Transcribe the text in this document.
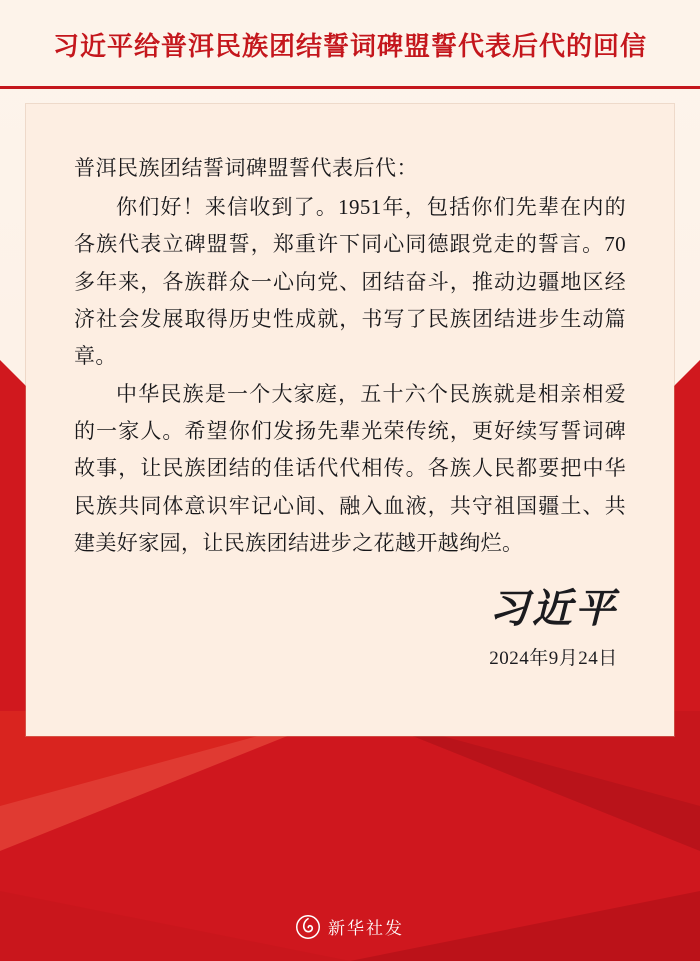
习近平给普洱民族团结誓词碑盟誓代表后代的回信

普洱民族团结誓词碑盟誓代表后代：

你们好！来信收到了。1951年，包括你们先辈在内的各族代表立碑盟誓，郑重许下同心同德跟党走的誓言。70多年来，各族群众一心向党、团结奋斗，推动边疆地区经济社会发展取得历史性成就，书写了民族团结进步生动篇章。

中华民族是一个大家庭，五十六个民族就是相亲相爱的一家人。希望你们发扬先辈光荣传统，更好续写誓词碑故事，让民族团结的佳话代代相传。各族人民都要把中华民族共同体意识牢记心间、融入血液，共守祖国疆土、共建美好家园，让民族团结进步之花越开越绚烂。

习近平
2024年9月24日
新华社发
